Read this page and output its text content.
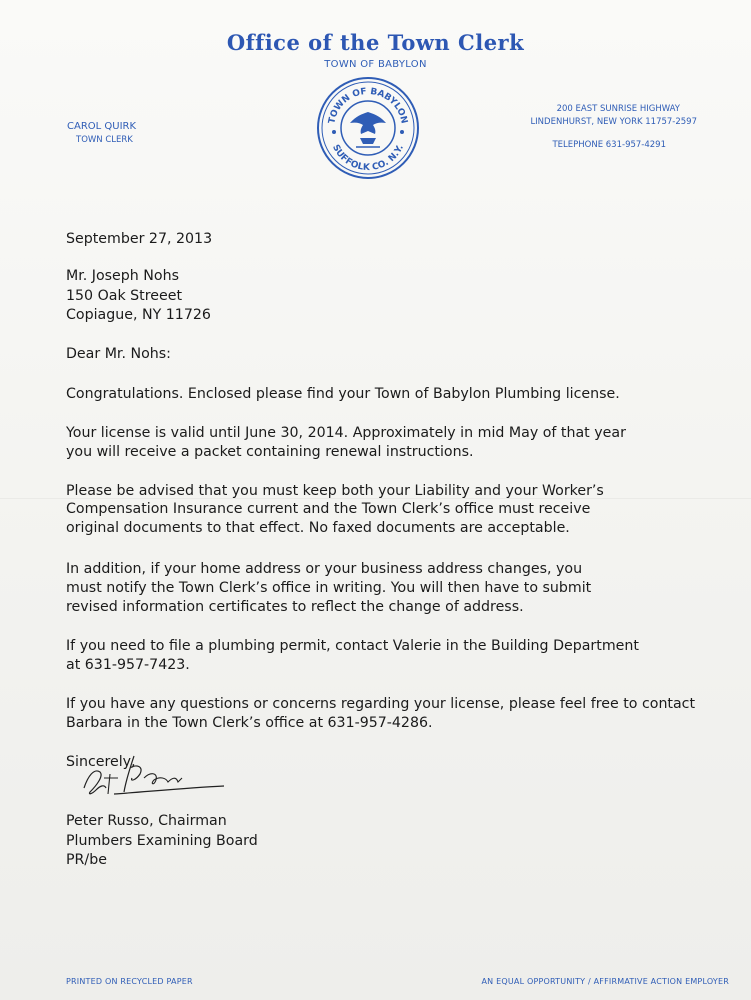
Office of the Town Clerk
TOWN OF BABYLON
TOWN OF BABYLON
SUFFOLK CO. N.Y.
CAROL QUIRK
TOWN CLERK
200 EAST SUNRISE HIGHWAY
LINDENHURST, NEW YORK 11757-2597
TELEPHONE 631-957-4291
September 27, 2013
Mr. Joseph Nohs
150 Oak Streeet
Copiague, NY 11726
Dear Mr. Nohs:
Congratulations. Enclosed please find your Town of Babylon Plumbing license.
Your license is valid until June 30, 2014. Approximately in mid May of that year
you will receive a packet containing renewal instructions.
Please be advised that you must keep both your Liability and your Worker’s
Compensation Insurance current and the Town Clerk’s office must receive
original documents to that effect. No faxed documents are acceptable.
In addition, if your home address or your business address changes, you
must notify the Town Clerk’s office in writing. You will then have to submit
revised information certificates to reflect the change of address.
If you need to file a plumbing permit, contact Valerie in the Building Department
at 631-957-7423.
If you have any questions or concerns regarding your license, please feel free to contact
Barbara in the Town Clerk’s office at 631-957-4286.
Sincerely,
Peter Russo, Chairman
Plumbers Examining Board
PR/be
PRINTED ON RECYCLED PAPER	AN EQUAL OPPORTUNITY / AFFIRMATIVE ACTION EMPLOYER
